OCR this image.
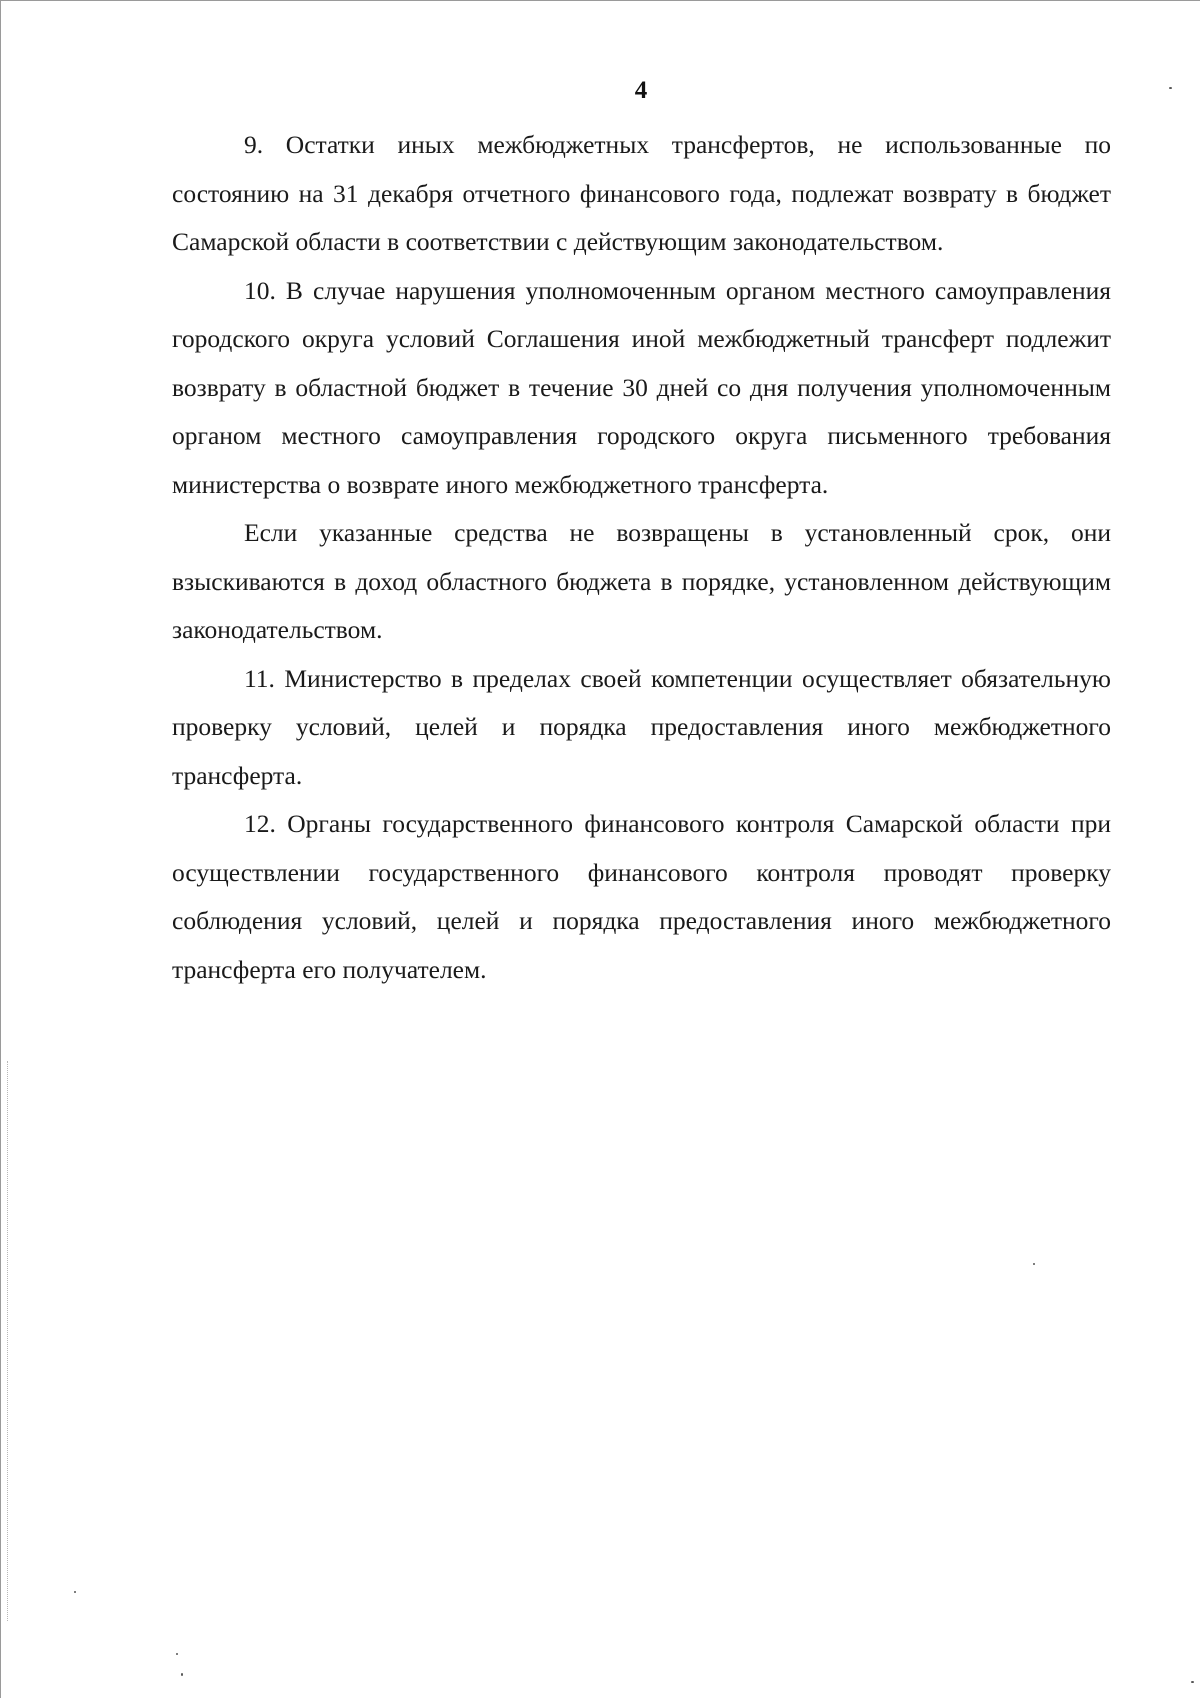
4

9. Остатки иных межбюджетных трансфертов, не использованные по состоянию на 31 декабря отчетного финансового года, подлежат возврату в бюджет Самарской области в соответствии с действующим законодательством.

10. В случае нарушения уполномоченным органом местного самоуправления городского округа условий Соглашения иной межбюджетный трансферт подлежит возврату в областной бюджет в течение 30 дней со дня получения уполномоченным органом местного самоуправления городского округа письменного требования министерства о возврате иного межбюджетного трансферта.

Если указанные средства не возвращены в установленный срок, они взыскиваются в доход областного бюджета в порядке, установленном действующим законодательством.

11. Министерство в пределах своей компетенции осуществляет обязательную проверку условий, целей и порядка предоставления иного межбюджетного трансферта.

12. Органы государственного финансового контроля Самарской области при осуществлении государственного финансового контроля проводят проверку соблюдения условий, целей и порядка предоставления иного межбюджетного трансферта его получателем.
